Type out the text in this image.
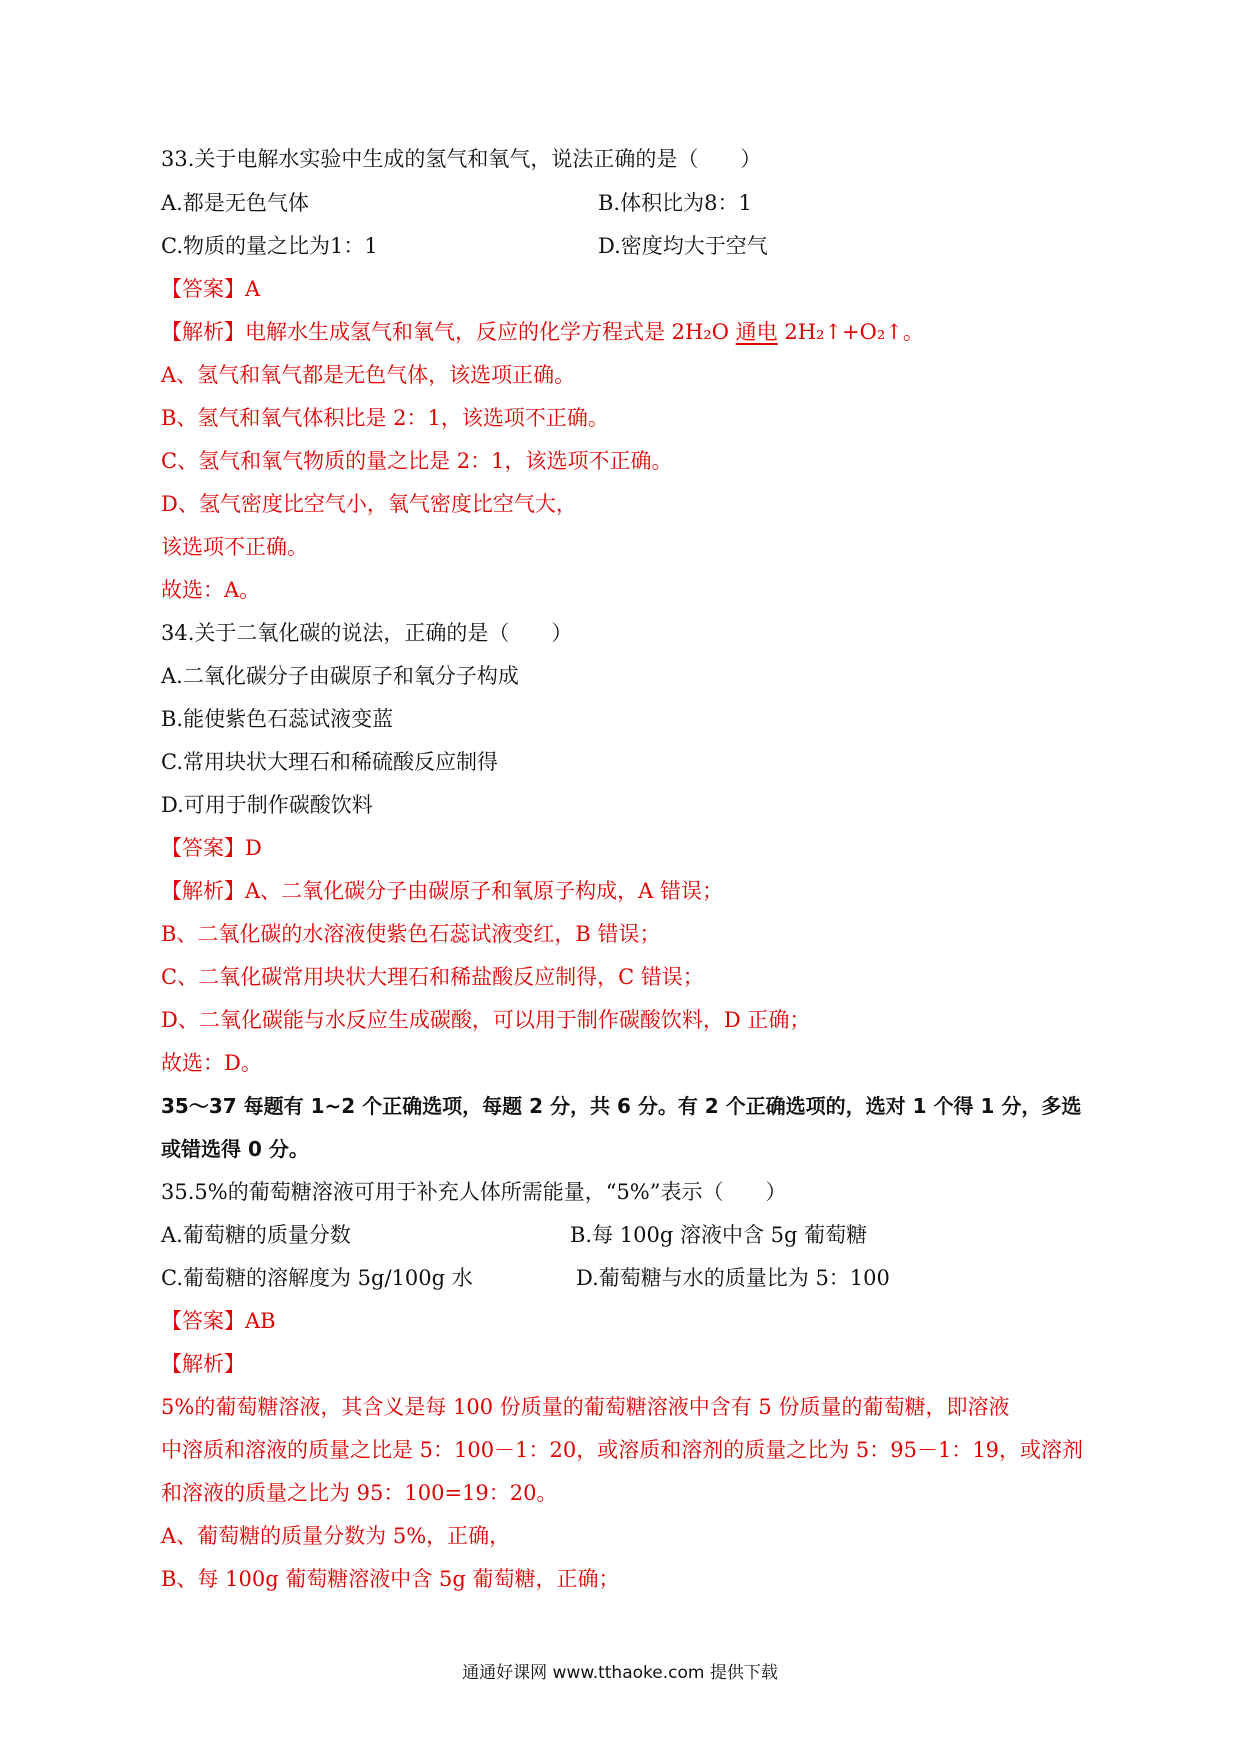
33.关于电解水实验中生成的氢气和氧气，说法正确的是（　　）
A.都是无色气体	B.体积比为8：1
C.物质的量之比为1：1	D.密度均大于空气
【答案】A
【解析】电解水生成氢气和氧气，反应的化学方程式是 2H₂O 通电 2H₂↑+O₂↑。
A、氢气和氧气都是无色气体，该选项正确。
B、氢气和氧气体积比是 2：1，该选项不正确。
C、氢气和氧气物质的量之比是 2：1，该选项不正确。
D、氢气密度比空气小，氧气密度比空气大，
该选项不正确。
故选：A。
34.关于二氧化碳的说法，正确的是（　　）
A.二氧化碳分子由碳原子和氧分子构成
B.能使紫色石蕊试液变蓝
C.常用块状大理石和稀硫酸反应制得
D.可用于制作碳酸饮料
【答案】D
【解析】A、二氧化碳分子由碳原子和氧原子构成，A 错误；
B、二氧化碳的水溶液使紫色石蕊试液变红，B 错误；
C、二氧化碳常用块状大理石和稀盐酸反应制得，C 错误；
D、二氧化碳能与水反应生成碳酸，可以用于制作碳酸饮料，D 正确；
故选：D。
35～37 每题有 1~2 个正确选项，每题 2 分，共 6 分。有 2 个正确选项的，选对 1 个得 1 分，多选
或错选得 0 分。
35.5%的葡萄糖溶液可用于补充人体所需能量，“5%”表示（　　）
A.葡萄糖的质量分数	B.每 100g 溶液中含 5g 葡萄糖
C.葡萄糖的溶解度为 5g/100g 水	D.葡萄糖与水的质量比为 5：100
【答案】AB
【解析】
5%的葡萄糖溶液，其含义是每 100 份质量的葡萄糖溶液中含有 5 份质量的葡萄糖，即溶液
中溶质和溶液的质量之比是 5：100－1：20，或溶质和溶剂的质量之比为 5：95－1：19，或溶剂
和溶液的质量之比为 95：100=19：20。
A、葡萄糖的质量分数为 5%，正确，
B、每 100g 葡萄糖溶液中含 5g 葡萄糖，正确；
通通好课网 www.tthaoke.com 提供下载
